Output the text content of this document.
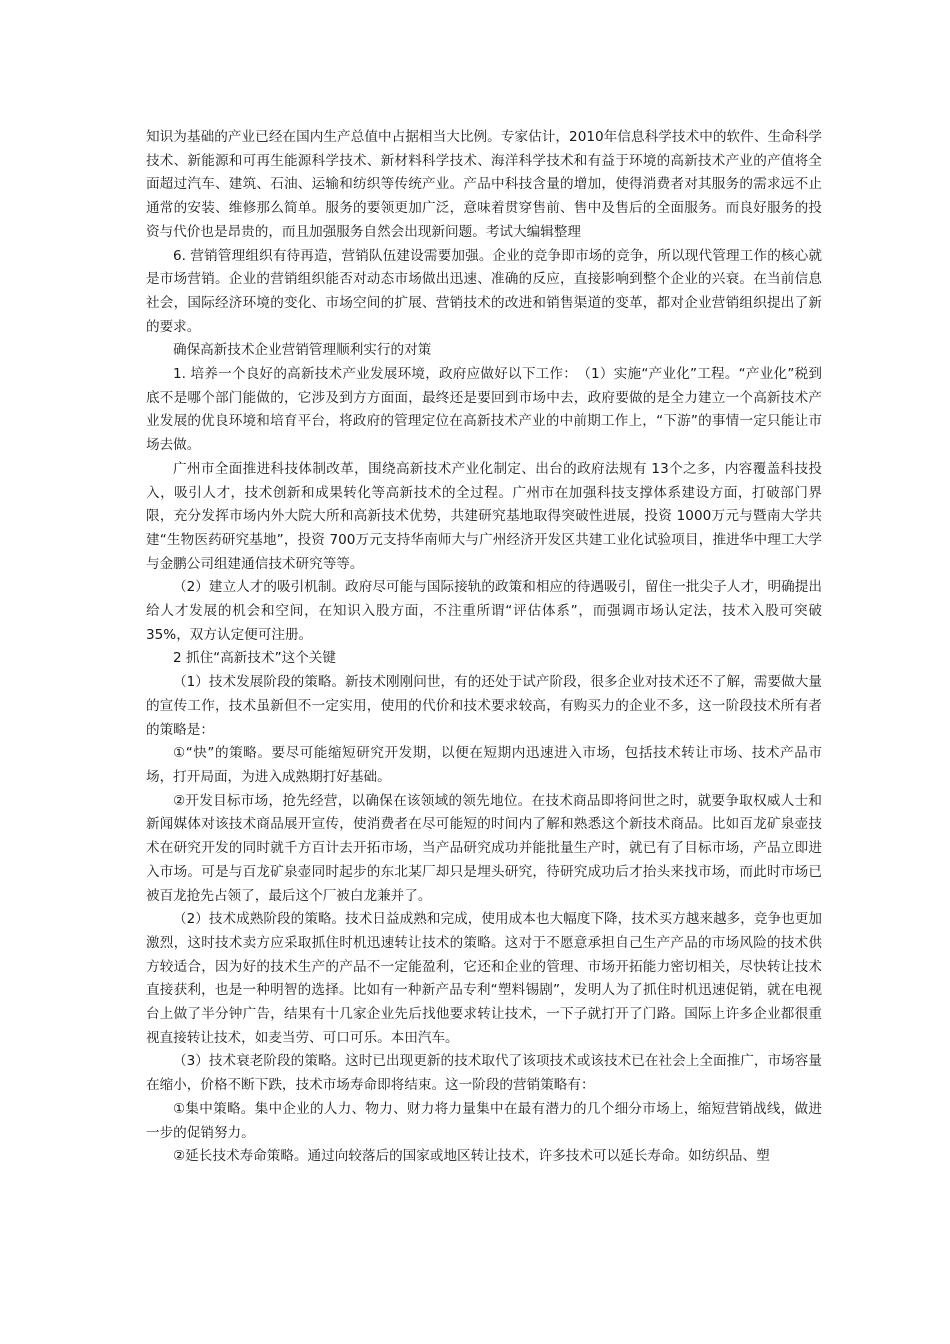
知识为基础的产业已经在国内生产总值中占据相当大比例。专家估计，2010年信息科学技术中的软件、生命科学技术、新能源和可再生能源科学技术、新材料科学技术、海洋科学技术和有益于环境的高新技术产业的产值将全面超过汽车、建筑、石油、运输和纺织等传统产业。产品中科技含量的增加，使得消费者对其服务的需求远不止通常的安装、维修那么简单。服务的要领更加广泛，意味着贯穿售前、售中及售后的全面服务。而良好服务的投资与代价也是昂贵的，而且加强服务自然会出现新问题。考试大编辑整理

6. 营销管理组织有待再造，营销队伍建设需要加强。企业的竞争即市场的竞争，所以现代管理工作的核心就是市场营销。企业的营销组织能否对动态市场做出迅速、准确的反应，直接影响到整个企业的兴衰。在当前信息社会，国际经济环境的变化、市场空间的扩展、营销技术的改进和销售渠道的变革，都对企业营销组织提出了新的要求。

确保高新技术企业营销管理顺利实行的对策

1. 培养一个良好的高新技术产业发展环境，政府应做好以下工作：　（1）实施“产业化”工程。“产业化”税到底不是哪个部门能做的，它涉及到方方面面，最终还是要回到市场中去，政府要做的是全力建立一个高新技术产业发展的优良环境和培育平台，将政府的管理定位在高新技术产业的中前期工作上，“下游”的事情一定只能让市场去做。

广州市全面推进科技体制改革，围绕高新技术产业化制定、出台的政府法规有 13个之多，内容覆盖科技投入，吸引人才，技术创新和成果转化等高新技术的全过程。广州市在加强科技支撑体系建设方面，打破部门界限，充分发挥市场内外大院大所和高新技术优势，共建研究基地取得突破性进展，投资 1000万元与暨南大学共建“生物医药研究基地”，投资 700万元支持华南师大与广州经济开发区共建工业化试验项目，推进华中理工大学与金鹏公司组建通信技术研究等等。

（2）建立人才的吸引机制。政府尽可能与国际接轨的政策和相应的待遇吸引，留住一批尖子人才，明确提出给人才发展的机会和空间，在知识入股方面，不注重所谓“评估体系”，而强调市场认定法，技术入股可突破 35%，双方认定便可注册。

2 抓住“高新技术”这个关键

（1）技术发展阶段的策略。新技术刚刚问世，有的还处于试产阶段，很多企业对技术还不了解，需要做大量的宣传工作，技术虽新但不一定实用，使用的代价和技术要求较高，有购买力的企业不多，这一阶段技术所有者的策略是：

①“快”的策略。要尽可能缩短研究开发期，以便在短期内迅速进入市场，包括技术转让市场、技术产品市场，打开局面，为进入成熟期打好基础。

②开发目标市场，抢先经营，以确保在该领域的领先地位。在技术商品即将问世之时，就要争取权威人士和新闻媒体对该技术商品展开宣传，使消费者在尽可能短的时间内了解和熟悉这个新技术商品。比如百龙矿泉壶技术在研究开发的同时就千方百计去开拓市场，当产品研究成功并能批量生产时，就已有了目标市场，产品立即进入市场。可是与百龙矿泉壶同时起步的东北某厂却只是埋头研究，待研究成功后才抬头来找市场，而此时市场已被百龙抢先占领了，最后这个厂被白龙兼并了。

（2）技术成熟阶段的策略。技术日益成熟和完成，使用成本也大幅度下降，技术买方越来越多，竞争也更加激烈，这时技术卖方应采取抓住时机迅速转让技术的策略。这对于不愿意承担自己生产产品的市场风险的技术供方较适合，因为好的技术生产的产品不一定能盈利，它还和企业的管理、市场开拓能力密切相关，尽快转让技术直接获利，也是一种明智的选择。比如有一种新产品专利“塑料锡剧”，发明人为了抓住时机迅速促销，就在电视台上做了半分钟广告，结果有十几家企业先后找他要求转让技术，一下子就打开了门路。国际上许多企业都很重视直接转让技术，如麦当劳、可口可乐。本田汽车。

（3）技术衰老阶段的策略。这时已出现更新的技术取代了该项技术或该技术已在社会上全面推广，市场容量在缩小，价格不断下跌，技术市场寿命即将结束。这一阶段的营销策略有：

①集中策略。集中企业的人力、物力、财力将力量集中在最有潜力的几个细分市场上，缩短营销战线，做进一步的促销努力。

②延长技术寿命策略。通过向较落后的国家或地区转让技术，许多技术可以延长寿命。如纺织品、塑
